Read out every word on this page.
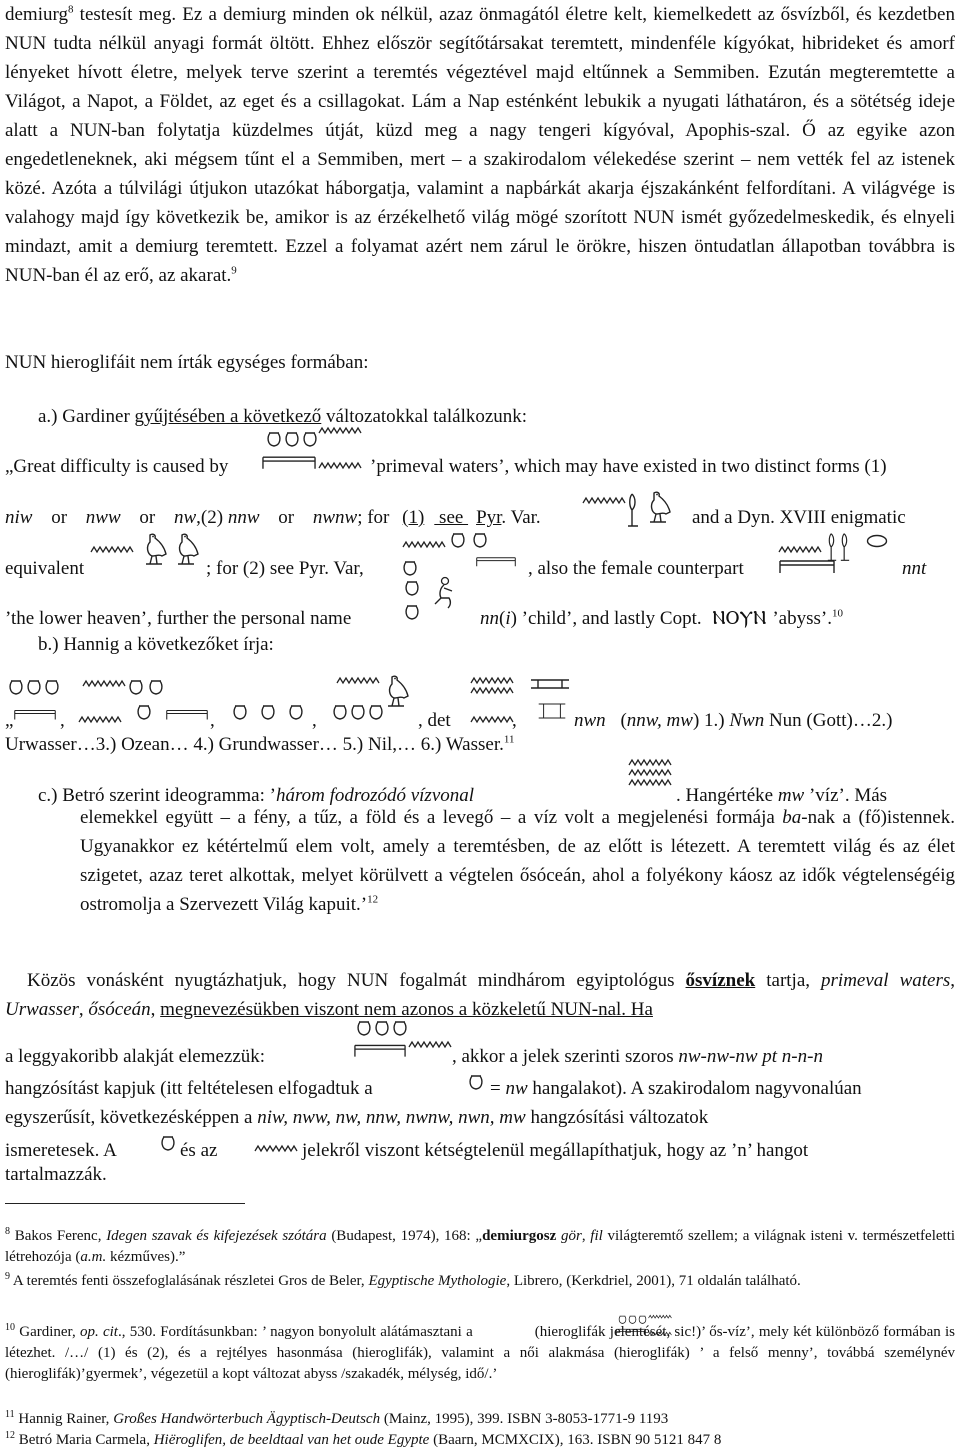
demiurg$^8$ testesít meg. Ez a demiurg minden ok nélkül, azaz önmagától életre kelt, kiemelkedett az ősvízből, és kezdetben NUN tudta nélkül anyagi formát öltött. Ehhez először segítőtársakat teremtett, mindenféle kígyókat, hibrideket és amorf lényeket hívott életre, melyek terve szerint a teremtés végeztével majd eltűnnek a Semmiben. Ezután megteremtette a Világot, a Napot, a Földet, az eget és a csillagokat. Lám a Nap esténként lebukik a nyugati láthatáron, és a sötétség ideje alatt a NUN-ban folytatja küzdelmes útját, küzd meg a nagy tengeri kígyóval, Apophis-szal. Ő az egyike azon engedetleneknek, aki mégsem tűnt el a Semmiben, mert – a szakirodalom vélekedése szerint – nem vették fel az istenek közé. Azóta a túlvilági útjukon utazókat háborgatja, valamint a napbárkát akarja éjszakánként felfordítani. A világvége is valahogy majd így következik be, amikor is az érzékelhető világ mögé szorított NUN ismét győzedelmeskedik, és elnyeli mindazt, amit a demiurg teremtett. Ezzel a folyamat azért nem zárul le örökre, hiszen öntudatlan állapotban továbbra is NUN-ban él az erő, az akarat.$^9$
NUN hieroglifáit nem írták egységes formában:
a.) Gardiner gyűjtésében a következő változatokkal találkozunk:
„Great difficulty is caused by	’primeval waters’, which may have existed in two distinct forms (1)
niw or nww or nw,(2) nnw or nwnw; for (1) see Pyr. Var.	and a Dyn. XVIII enigmatic
equivalent	; for (2) see Pyr. Var,	, also the female counterpart	nnt
’the lower heaven’, further the personal name	nn(i) ’child’, and lastly Copt. ⲚⲞⲨⲚ ’abyss’.$^{10}$
b.) Hannig a következőket írja:
„ ,	,	,	, det	,	nwn (nnw, mw) 1.) Nwn Nun (Gott)…2.)
Urwasser…3.) Ozean… 4.) Grundwasser… 5.) Nil,… 6.) Wasser.$^{11}$
c.) Betró szerint ideogramma: ’három fodrozódó vízvonal	. Hangértéke mw ’víz’. Más
elemekkel együtt – a fény, a tűz, a föld és a levegő – a víz volt a megjelenési formája ba-nak a (fő)istennek. Ugyanakkor ez kétértelmű elem volt, amely a teremtésben, de az előtt is létezett. A teremtett világ és az élet szigetet, azaz teret alkottak, melyet körülvett a végtelen ősóceán, ahol a folyékony káosz az idők végtelenségéig ostromolja a Szervezett Világ kapuit.’$^{12}$
Közös vonásként nyugtázhatjuk, hogy NUN fogalmát mindhárom egyiptológus ősvíznek tartja, primeval waters, Urwasser, ősóceán, megnevezésükben viszont nem azonos a közkeletű NUN-nal. Ha
a leggyakoribb alakját elemezzük:	, akkor a jelek szerinti szoros nw-nw-nw pt n-n-n
hangzósítást kapjuk (itt feltételesen elfogadtuk a	= nw hangalakot). A szakirodalom nagyvonalúan
egyszerűsít, következésképpen a niw, nww, nw, nnw, nwnw, nwn, mw hangzósítási változatok
ismeretesek. A	és az	jelekről viszont kétségtelenül megállapíthatjuk, hogy az ’n’ hangot
tartalmazzák.
$^8$ Bakos Ferenc, Idegen szavak és kifejezések szótára (Budapest, 1974), 168: „demiurgosz gör, fil világteremtő szellem; a világnak isteni v. természetfeletti létrehozója (a.m. kézműves).”
$^9$ A teremtés fenti összefoglalásának részletei Gros de Beler, Egyptische Mythologie, Librero, (Kerkdriel, 2001), 71 oldalán található.
$^{10}$ Gardiner, op. cit., 530. Fordításunkban: ’ nagyon bonyolult alátámasztani a	(hieroglifák jelentését, sic!)’ ős-víz’, mely két különböző formában is létezhet. /…/ (1) és (2), és a rejtélyes hasonmása (hieroglifák), valamint a női alakmása (hieroglifák) ’ a felső menny’, továbbá személynév (hieroglifák)’gyermek’, végezetül a kopt változat abyss /szakadék, mélység, idő/.’
$^{11}$ Hannig Rainer, Großes Handwörterbuch Ägyptisch-Deutsch (Mainz, 1995), 399. ISBN 3-8053-1771-9 1193
$^{12}$ Betró Maria Carmela, Hiëroglifen, de beeldtaal van het oude Egypte (Baarn, MCMXCIX), 163. ISBN 90 5121 847 8
